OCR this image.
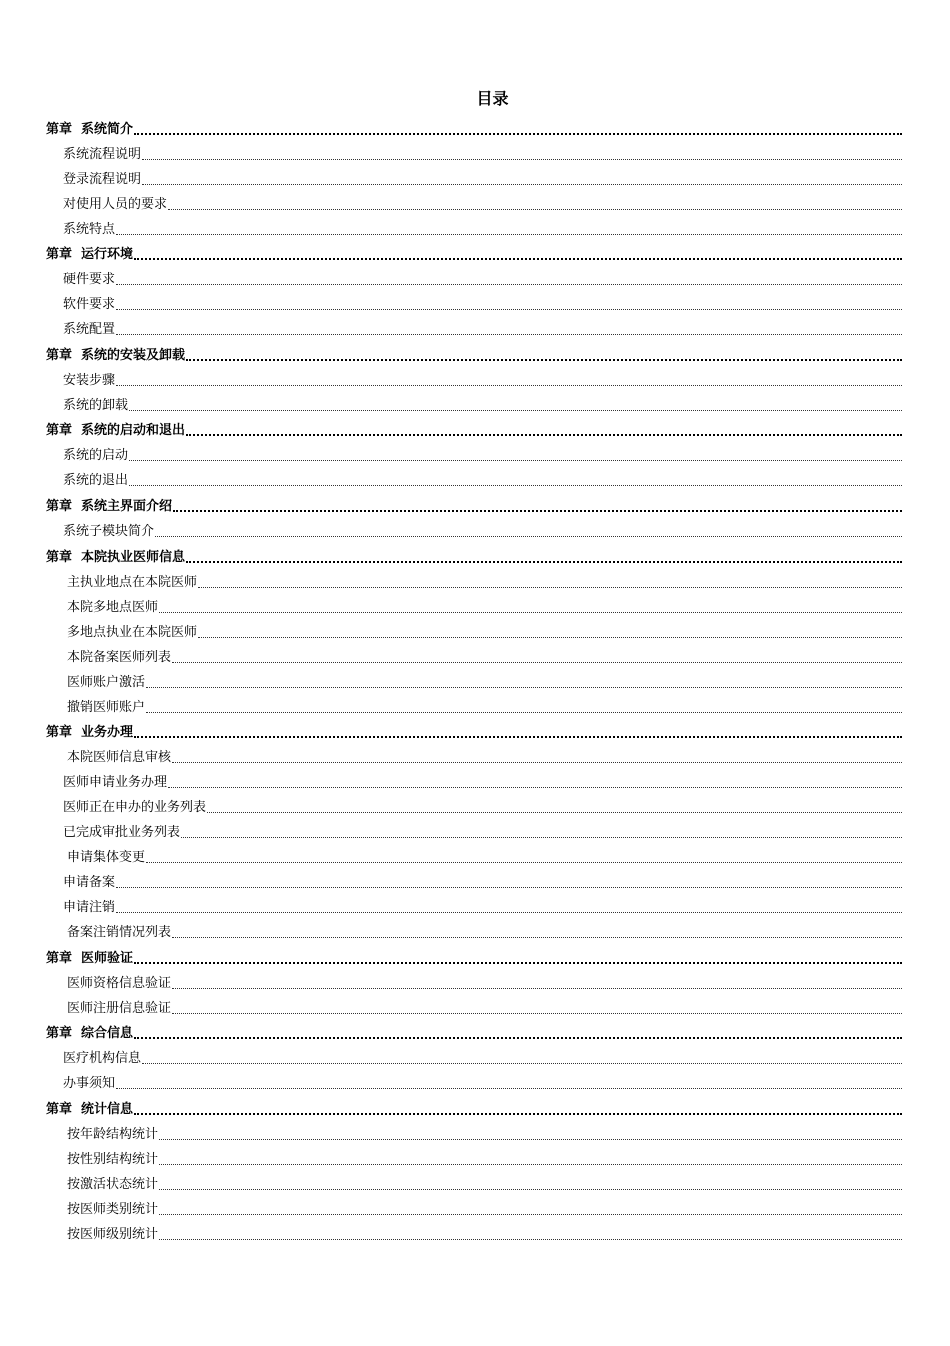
目录
第章 系统简介
系统流程说明
登录流程说明
对使用人员的要求
系统特点
第章 运行环境
硬件要求
软件要求
系统配置
第章 系统的安装及卸载
安装步骤
系统的卸载
第章 系统的启动和退出
系统的启动
系统的退出
第章 系统主界面介绍
系统子模块简介
第章 本院执业医师信息
主执业地点在本院医师
本院多地点医师
多地点执业在本院医师
本院备案医师列表
医师账户激活
撤销医师账户
第章 业务办理
本院医师信息审核
医师申请业务办理
医师正在申办的业务列表
已完成审批业务列表
申请集体变更
申请备案
申请注销
备案注销情况列表
第章 医师验证
医师资格信息验证
医师注册信息验证
第章 综合信息
医疗机构信息
办事须知
第章 统计信息
按年龄结构统计
按性别结构统计
按激活状态统计
按医师类别统计
按医师级别统计
